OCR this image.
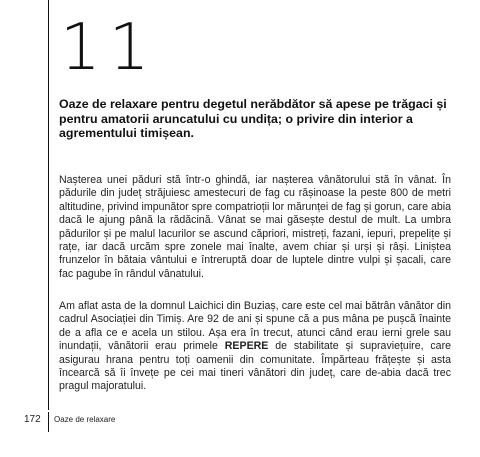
11

Oaze de relaxare pentru degetul nerăbdător să apese pe trăgaci și pentru amatorii aruncatului cu undița; o privire din interior a agrementului timișean.

Nașterea unei păduri stă într-o ghindă, iar nașterea vânătorului stă în vânat. În pădurile din județ străjuiesc amestecuri de fag cu rășinoase la peste 800 de metri altitudine, privind impunător spre compatrioții lor mărunței de fag și gorun, care abia dacă le ajung până la rădăcină. Vânat se mai găsește destul de mult. La umbra pădurilor și pe malul lacurilor se ascund căpriori, mistreți, fazani, iepuri, prepelițe și rațe, iar dacă urcăm spre zonele mai înalte, avem chiar și urși și râși. Liniștea frunzelor în bătaia vântului e întreruptă doar de luptele dintre vulpi și șacali, care fac pagube în rândul vânatului.

Am aflat asta de la domnul Laichici din Buziaș, care este cel mai bătrân vânător din cadrul Asociației din Timiș. Are 92 de ani și spune că a pus mâna pe pușcă înainte de a afla ce e acela un stilou. Așa era în trecut, atunci când erau ierni grele sau inundații, vânătorii erau primele REPERE de stabilitate și supraviețuire, care asigurau hrana pentru toți oamenii din comunitate. Împărteau frățește și asta încearcă să îi învețe pe cei mai tineri vânători din județ, care de-abia dacă trec pragul majoratului.

172 Oaze de relaxare
